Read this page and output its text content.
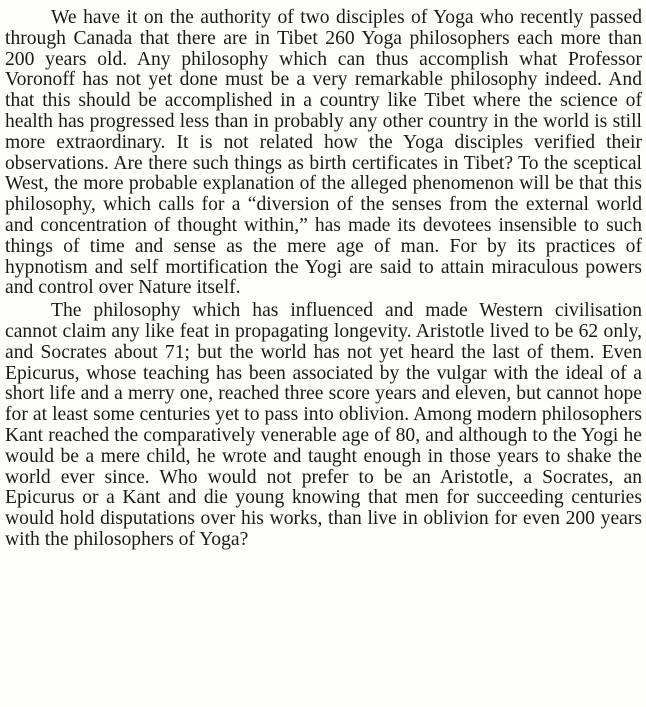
We have it on the authority of two disciples of Yoga who recently passed through Canada that there are in Tibet 260 Yoga philosophers each more than 200 years old. Any philosophy which can thus accomplish what Professor Voronoff has not yet done must be a very remarkable philosophy indeed. And that this should be accomplished in a country like Tibet where the science of health has progressed less than in probably any other country in the world is still more extraordinary. It is not related how the Yoga disciples verified their observations. Are there such things as birth certificates in Tibet? To the sceptical West, the more probable explanation of the alleged phenomenon will be that this philosophy, which calls for a “diversion of the senses from the external world and concentration of thought within,” has made its devotees insensible to such things of time and sense as the mere age of man. For by its practices of hypnotism and self mortification the Yogi are said to attain miraculous powers and control over Nature itself.

The philosophy which has influenced and made Western civilisation cannot claim any like feat in propagating longevity. Aristotle lived to be 62 only, and Socrates about 71; but the world has not yet heard the last of them. Even Epicurus, whose teaching has been associated by the vulgar with the ideal of a short life and a merry one, reached three score years and eleven, but cannot hope for at least some centuries yet to pass into oblivion. Among modern philosophers Kant reached the comparatively venerable age of 80, and although to the Yogi he would be a mere child, he wrote and taught enough in those years to shake the world ever since. Who would not prefer to be an Aristotle, a Socrates, an Epicurus or a Kant and die young knowing that men for succeeding centuries would hold disputations over his works, than live in oblivion for even 200 years with the philosophers of Yoga?
